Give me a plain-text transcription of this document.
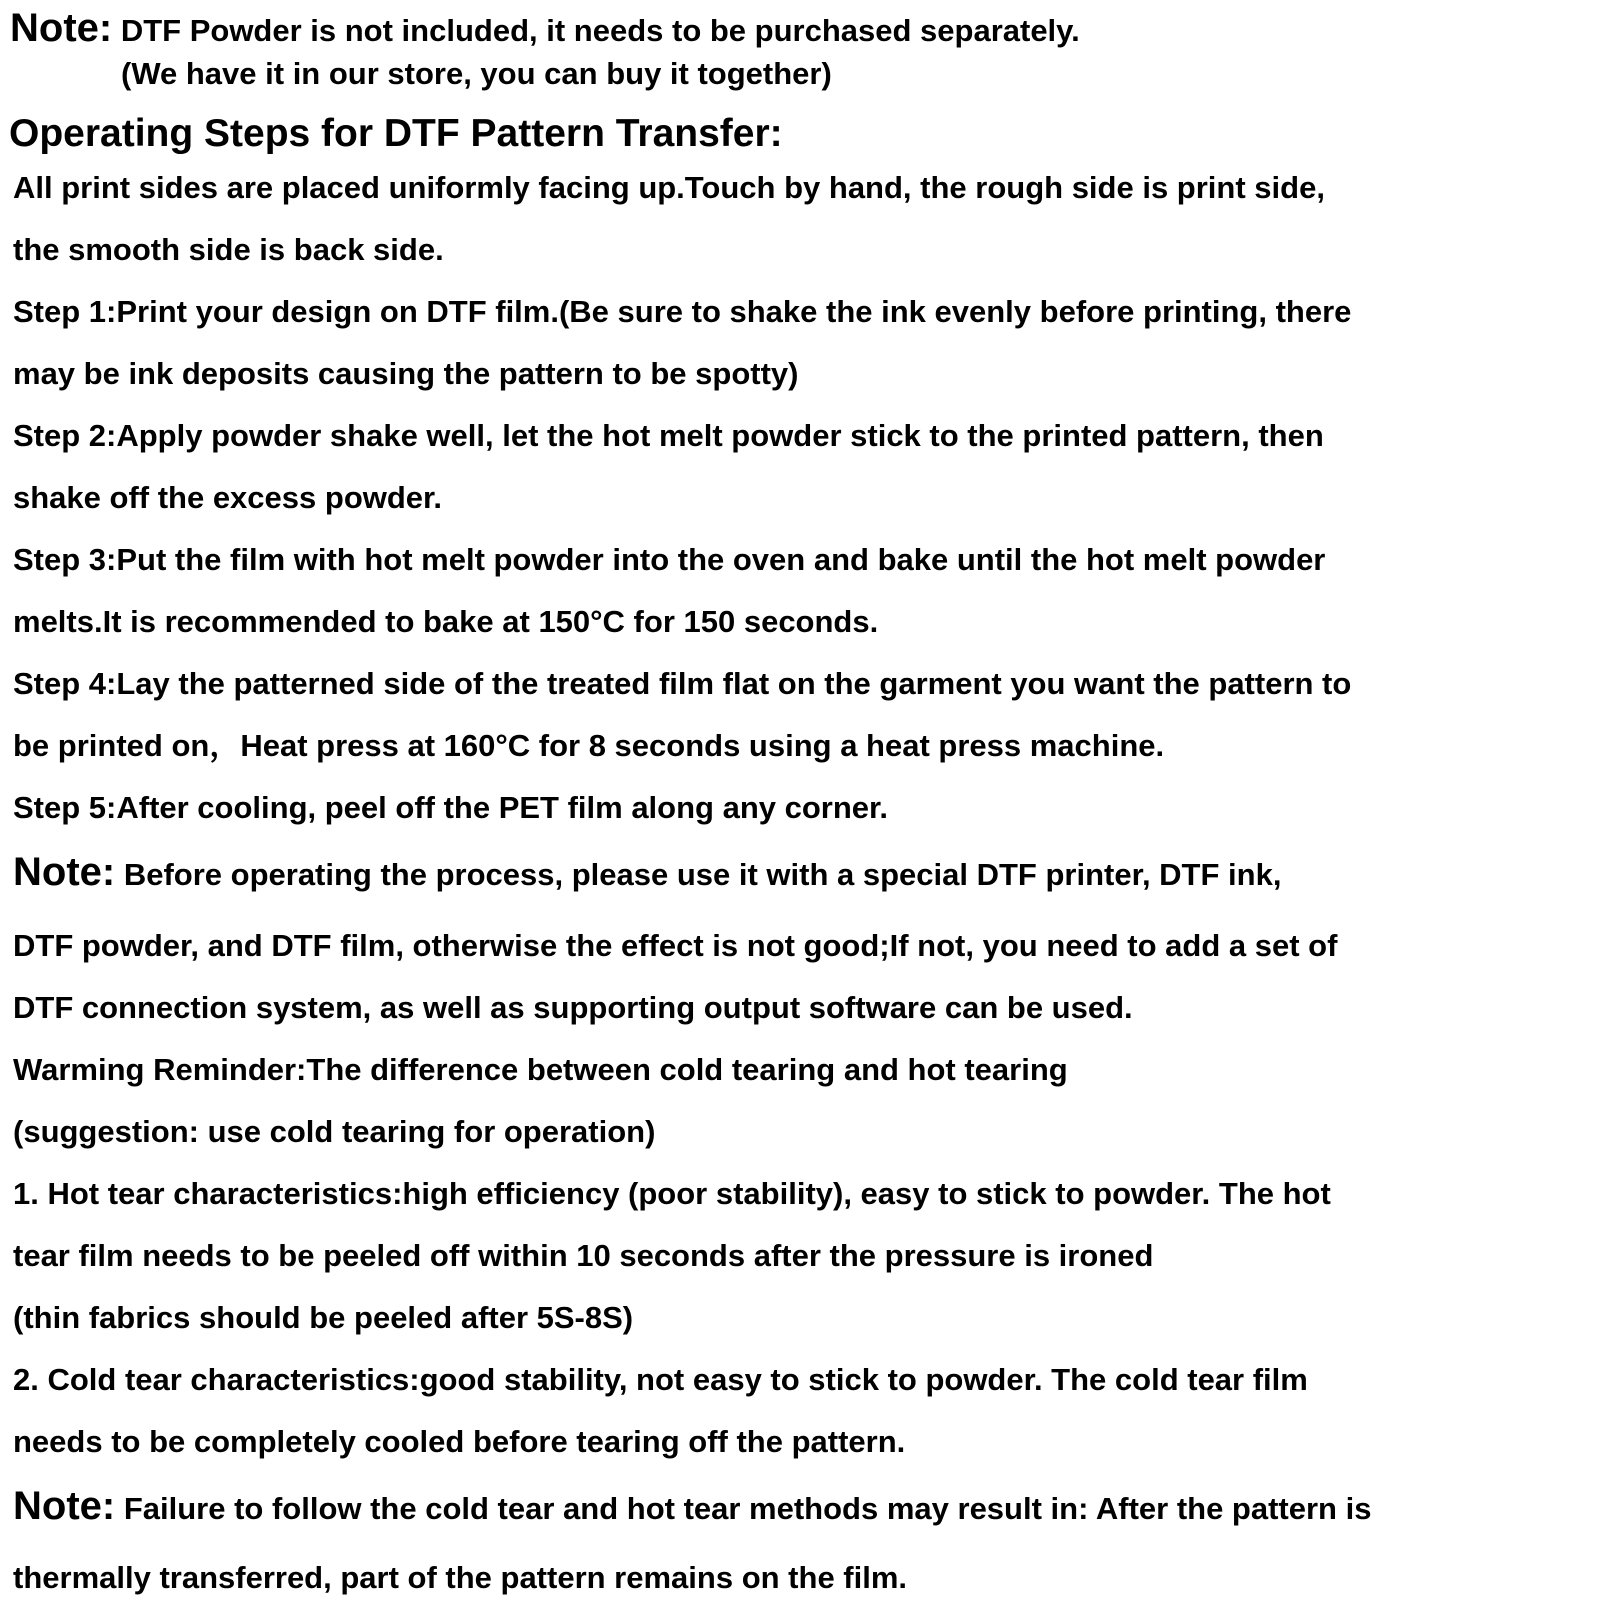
Note: DTF Powder is not included, it needs to be purchased separately.
(We have it in our store, you can buy it together)
Operating Steps for DTF Pattern Transfer:
All print sides are placed uniformly facing up.Touch by hand, the rough side is print side,
the smooth side is back side.
Step 1:Print your design on DTF film.(Be sure to shake the ink evenly before printing, there
may be ink deposits causing the pattern to be spotty)
Step 2:Apply powder shake well, let the hot melt powder stick to the printed pattern, then
shake off the excess powder.
Step 3:Put the film with hot melt powder into the oven and bake until the hot melt powder
melts.It is recommended to bake at 150°C for 150 seconds.
Step 4:Lay the patterned side of the treated film flat on the garment you want the pattern to
be printed on，Heat press at 160°C for 8 seconds using a heat press machine.
Step 5:After cooling, peel off the PET film along any corner.
Note: Before operating the process, please use it with a special DTF printer, DTF ink,
DTF powder, and DTF film, otherwise the effect is not good;If not, you need to add a set of
DTF connection system, as well as supporting output software can be used.
Warming Reminder:The difference between cold tearing and hot tearing
(suggestion: use cold tearing for operation)
1. Hot tear characteristics:high efficiency (poor stability), easy to stick to powder. The hot
tear film needs to be peeled off within 10 seconds after the pressure is ironed
(thin fabrics should be peeled after 5S-8S)
2. Cold tear characteristics:good stability, not easy to stick to powder. The cold tear film
needs to be completely cooled before tearing off the pattern.
Note: Failure to follow the cold tear and hot tear methods may result in: After the pattern is
thermally transferred, part of the pattern remains on the film.
